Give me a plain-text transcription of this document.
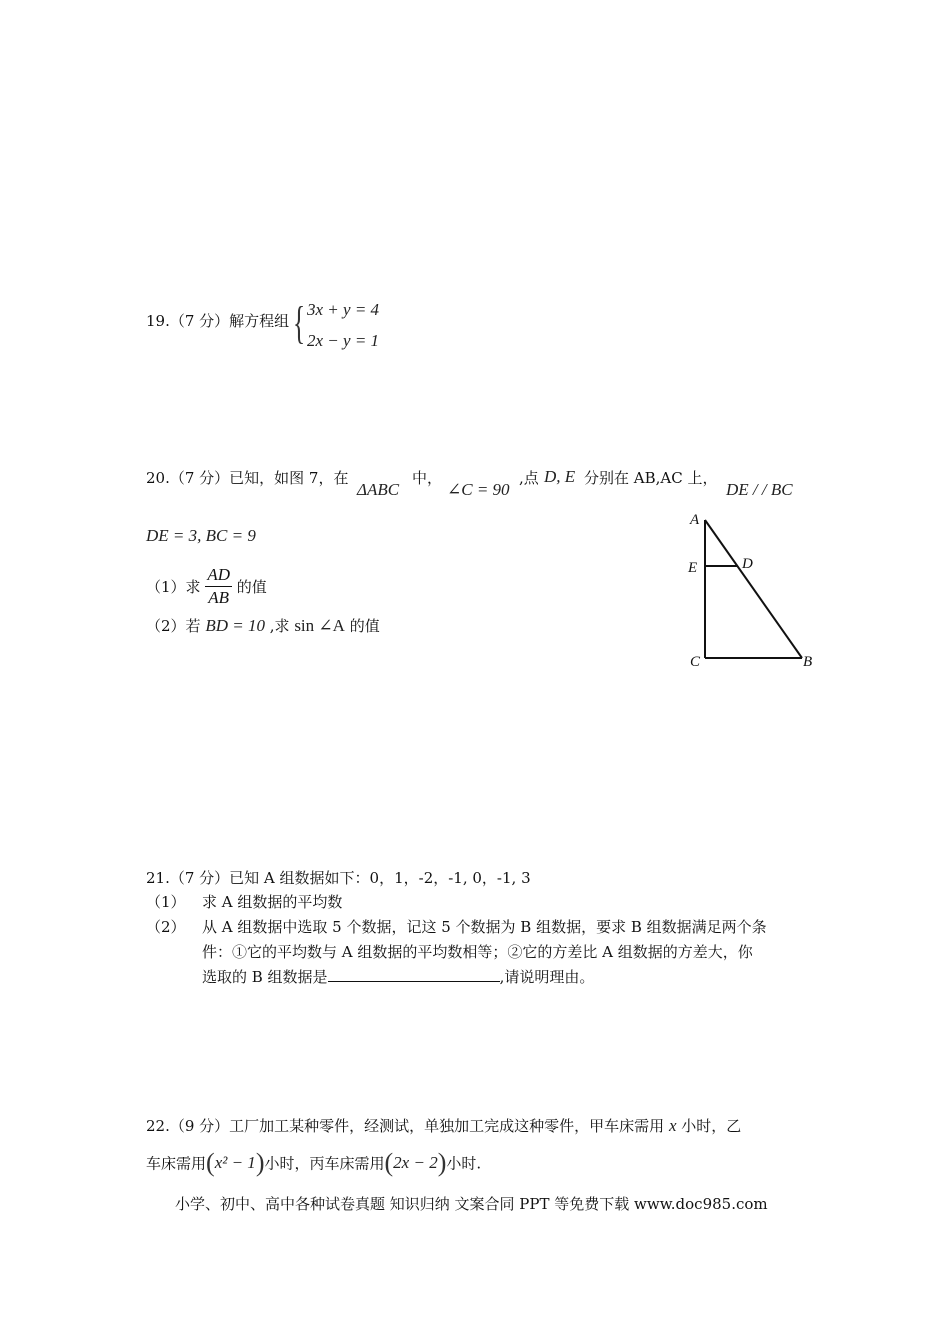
19.（7 分）解方程组 { 3x + y = 4
2x − y = 1
20.（7 分）已知，如图 7，在
ΔABC
中，
∠C = 90
,点 D, E 分别在 AB,AC 上，
DE / / BC
DE = 3, BC = 9
（1）求 $\frac{AD}{AB}$ 的值
（2）若 BD = 10 ,求 sin ∠A 的值
A
E	D
C	B
21.（7 分）已知 A 组数据如下：0，1，-2，-1, 0，-1, 3
（1） 求 A 组数据的平均数
（2） 从 A 组数据中选取 5 个数据，记这 5 个数据为 B 组数据，要求 B 组数据满足两个条
件：①它的平均数与 A 组数据的平均数相等；②它的方差比 A 组数据的方差大，你
选取的 B 组数据是	,请说明理由。
22.（9 分）工厂加工某种零件，经测试，单独加工完成这种零件，甲车床需用 x 小时，乙
车床需用(x² − 1)小时，丙车床需用(2x − 2)小时.
小学、初中、高中各种试卷真题 知识归纳 文案合同 PPT 等免费下载 www.doc985.com
